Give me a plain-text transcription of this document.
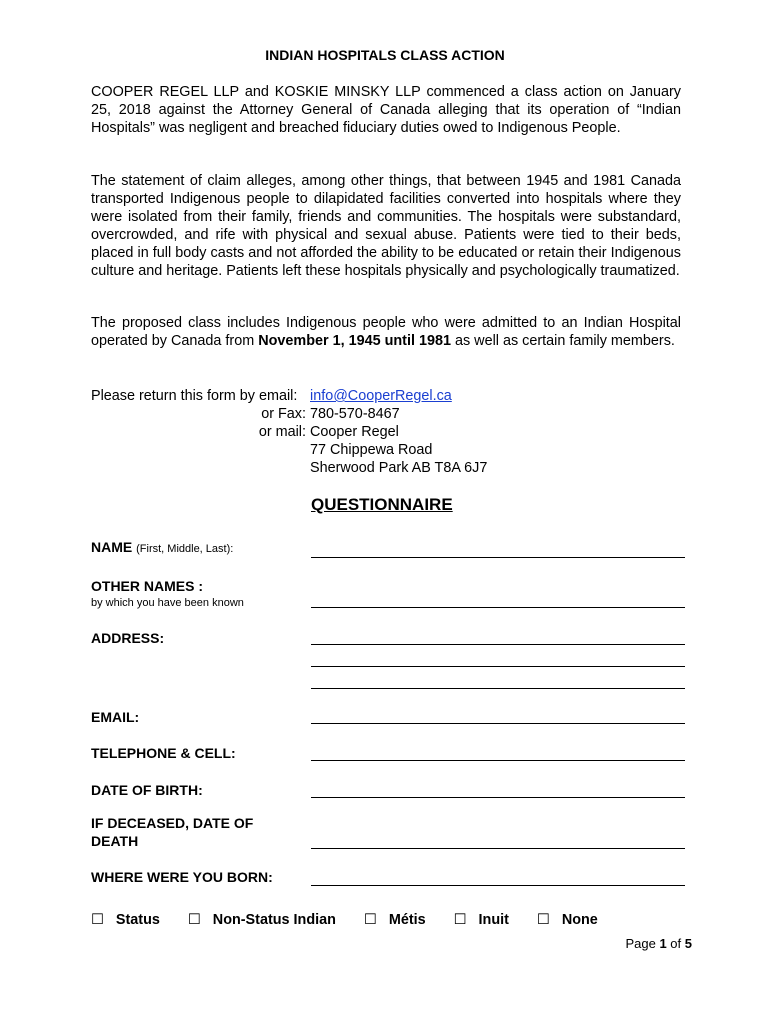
INDIAN HOSPITALS CLASS ACTION
COOPER REGEL LLP and KOSKIE MINSKY LLP commenced a class action on January 25, 2018 against the Attorney General of Canada alleging that its operation of “Indian Hospitals” was negligent and breached fiduciary duties owed to Indigenous People.
The statement of claim alleges, among other things, that between 1945 and 1981 Canada transported Indigenous people to dilapidated facilities converted into hospitals where they were isolated from their family, friends and communities. The hospitals were substandard, overcrowded, and rife with physical and sexual abuse. Patients were tied to their beds, placed in full body casts and not afforded the ability to be educated or retain their Indigenous culture and heritage. Patients left these hospitals physically and psychologically traumatized.
The proposed class includes Indigenous people who were admitted to an Indian Hospital operated by Canada from November 1, 1945 until 1981 as well as certain family members.
Please return this form by email: info@CooperRegel.ca
or Fax: 780-570-8467
or mail: Cooper Regel
77 Chippewa Road
Sherwood Park AB T8A 6J7
QUESTIONNAIRE
NAME (First, Middle, Last):
OTHER NAMES :
by which you have been known
ADDRESS:
EMAIL:
TELEPHONE & CELL:
DATE OF BIRTH:
IF DECEASED, DATE OF
DEATH
WHERE WERE YOU BORN:
☐ Status ☐ Non-Status Indian ☐ Métis ☐ Inuit ☐ None
Page 1 of 5
